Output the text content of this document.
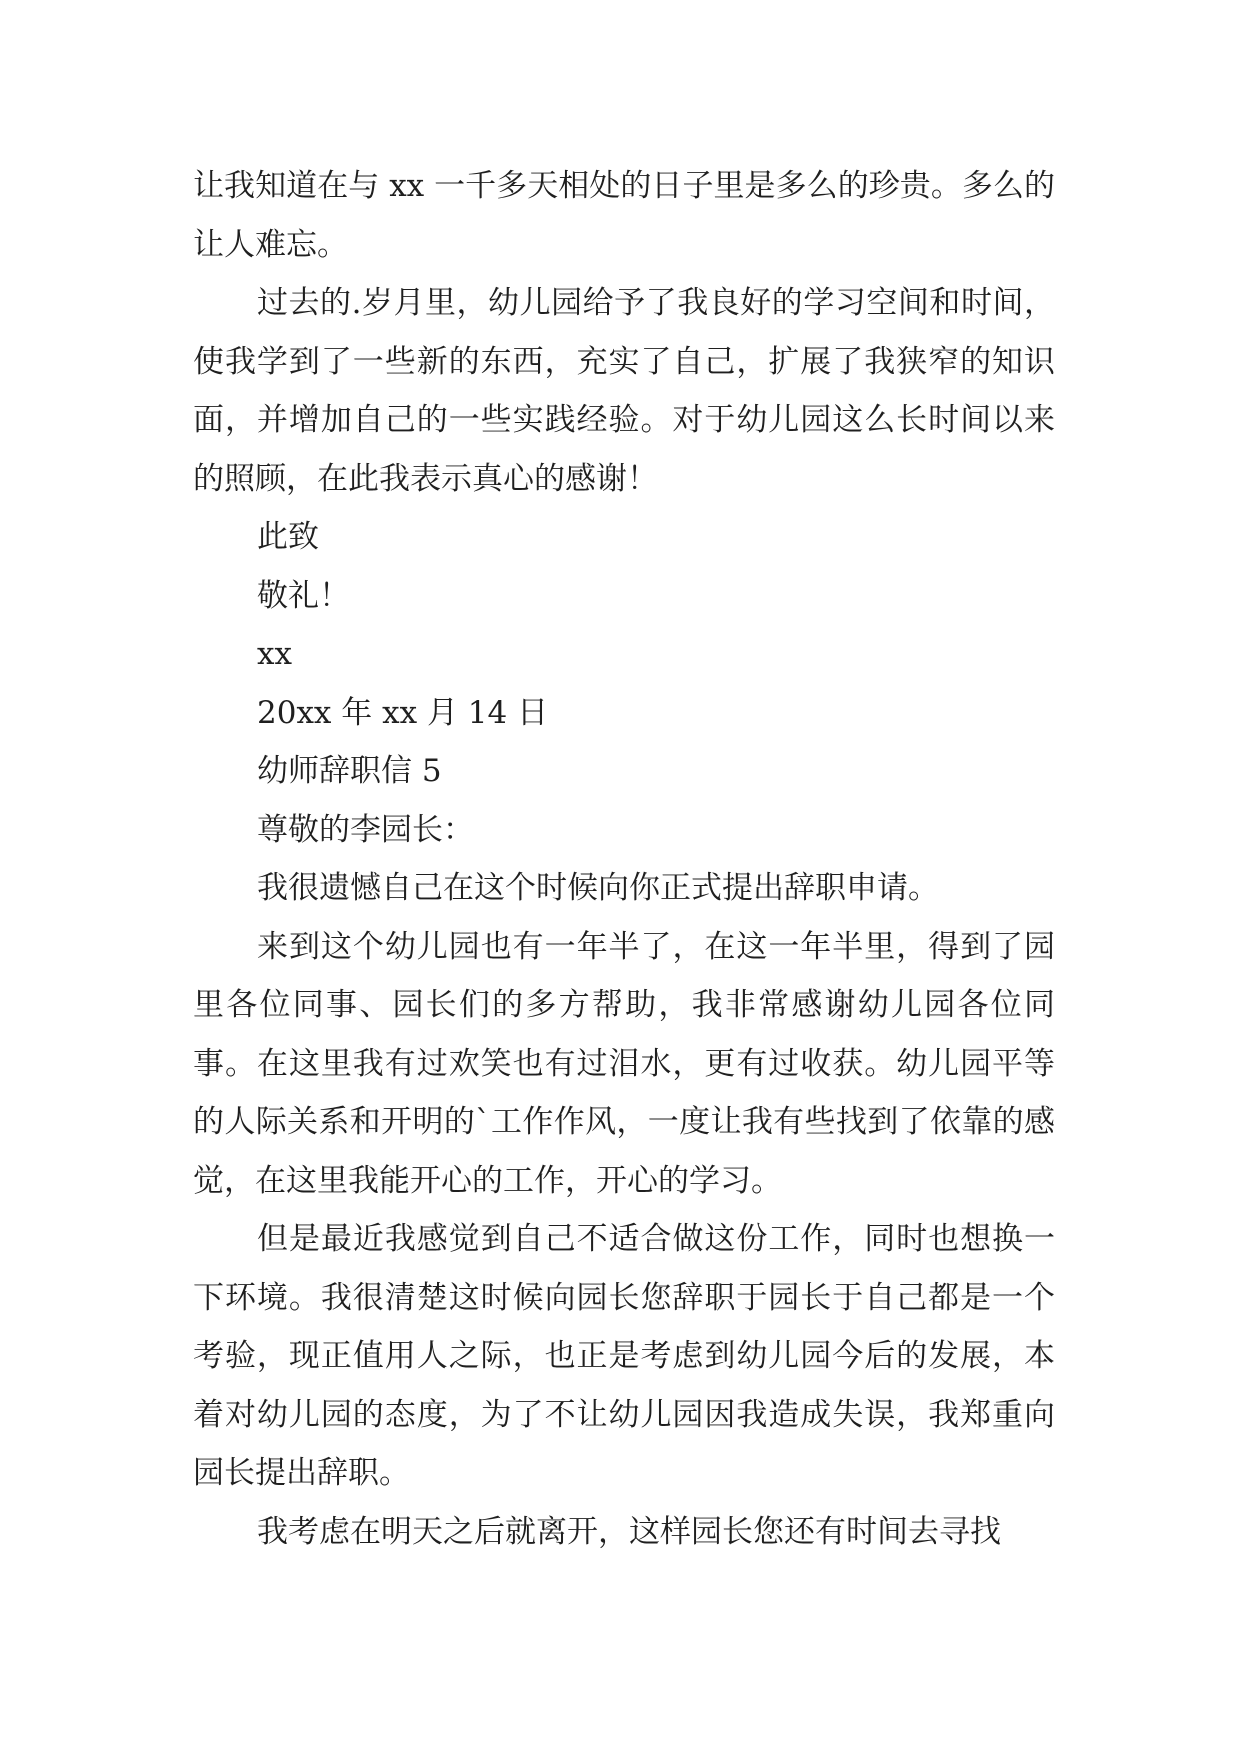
让我知道在与 xx 一千多天相处的日子里是多么的珍贵。多么的让人难忘。

过去的.岁月里，幼儿园给予了我良好的学习空间和时间，使我学到了一些新的东西，充实了自己，扩展了我狭窄的知识面，并增加自己的一些实践经验。对于幼儿园这么长时间以来的照顾，在此我表示真心的感谢！

此致

敬礼！

xx

20xx 年 xx 月 14 日

幼师辞职信 5

尊敬的李园长：

我很遗憾自己在这个时候向你正式提出辞职申请。

来到这个幼儿园也有一年半了，在这一年半里，得到了园里各位同事、园长们的多方帮助，我非常感谢幼儿园各位同事。在这里我有过欢笑也有过泪水，更有过收获。幼儿园平等的人际关系和开明的`工作作风，一度让我有些找到了依靠的感觉，在这里我能开心的工作，开心的学习。

但是最近我感觉到自己不适合做这份工作，同时也想换一下环境。我很清楚这时候向园长您辞职于园长于自己都是一个考验，现正值用人之际，也正是考虑到幼儿园今后的发展，本着对幼儿园的态度，为了不让幼儿园因我造成失误，我郑重向园长提出辞职。

我考虑在明天之后就离开，这样园长您还有时间去寻找
